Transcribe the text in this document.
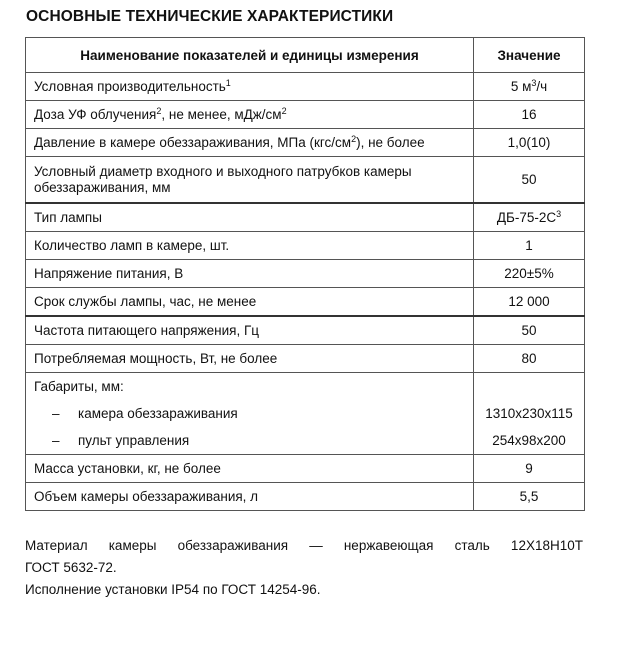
ОСНОВНЫЕ ТЕХНИЧЕСКИЕ ХАРАКТЕРИСТИКИ
Наименование показателей и единицы измерения	Значение
Условная производительность$^1$	5 $м^3/ч$
Доза УФ облучения$^2$, не менее, мДж/$см^2$	16
Давление в камере обеззараживания, МПа $(кгс/см^2)$, не более	1,0(10)
Условный диаметр входного и выходного патрубков камеры
обеззараживания, мм	50
Тип лампы	$ДБ-75-2С^3$
Количество ламп в камере, шт.	1
Напряжение питания, В	220±5%
Срок службы лампы, час, не менее	12 000
Частота питающего напряжения, Гц	50
Потребляемая мощность, Вт, не более	80
Габариты, мм:	
– камера обеззараживания	1310x230x115
– пульт управления	254x98x200
Масса установки, кг, не более	9
Объем камеры обеззараживания, л	5,5
Материал камеры обеззараживания — нержавеющая сталь 12Х18Н10Т
ГОСТ 5632-72.
Исполнение установки IP54 по ГОСТ 14254-96.
